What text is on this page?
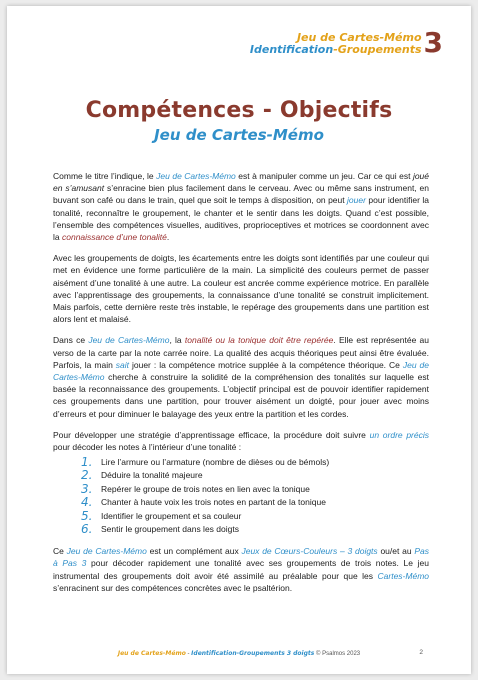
Jeu de Cartes-Mémo
Identification-Groupements 3
Compétences - Objectifs
Jeu de Cartes-Mémo

Comme le titre l’indique, le Jeu de Cartes-Mémo est à manipuler comme un jeu. Car ce qui est joué en s’amusant s’enracine bien plus facilement dans le cerveau. Avec ou même sans instrument, en buvant son café ou dans le train, quel que soit le temps à disposition, on peut jouer pour identifier la tonalité, reconnaître le groupement, le chanter et le sentir dans les doigts. Quand c’est possible, l’ensemble des compétences visuelles, auditives, proprioceptives et motrices se coordonnent avec la connaissance d’une tonalité.

Avec les groupements de doigts, les écartements entre les doigts sont identifiés par une couleur qui met en évidence une forme particulière de la main. La simplicité des couleurs permet de passer aisément d’une tonalité à une autre. La couleur est ancrée comme expérience motrice. En parallèle avec l’apprentissage des groupements, la connaissance d’une tonalité se construit implicitement. Mais parfois, cette dernière reste très instable, le repérage des groupements dans une partition est alors lent et malaisé.

Dans ce Jeu de Cartes-Mémo, la tonalité ou la tonique doit être repérée. Elle est représentée au verso de la carte par la note carrée noire. La qualité des acquis théoriques peut ainsi être évaluée. Parfois, la main sait jouer : la compétence motrice supplée à la compétence théorique. Ce Jeu de Cartes-Mémo cherche à construire la solidité de la compréhension des tonalités sur laquelle est basée la reconnaissance des groupements. L’objectif principal est de pouvoir identifier rapidement ces groupements dans une partition, pour trouver aisément un doigté, pour jouer avec moins d’erreurs et pour diminuer le balayage des yeux entre la partition et les cordes.

Pour développer une stratégie d’apprentissage efficace, la procédure doit suivre un ordre précis pour décoder les notes à l’intérieur d’une tonalité :

1.	Lire l’armure ou l’armature (nombre de dièses ou de bémols)
2.	Déduire la tonalité majeure
3.	Repérer le groupe de trois notes en lien avec la tonique
4.	Chanter à haute voix les trois notes en partant de la tonique
5.	Identifier le groupement et sa couleur
6.	Sentir le groupement dans les doigts

Ce Jeu de Cartes-Mémo est un complément aux Jeux de Cœurs-Couleurs – 3 doigts ou/et au Pas à Pas 3 pour décoder rapidement une tonalité avec ses groupements de trois notes. Le jeu instrumental des groupements doit avoir été assimilé au préalable pour que les Cartes-Mémo s’enracinent sur des compétences concrètes avec le psaltérion.

Jeu de Cartes-Mémo - Identification-Groupements 3 doigts © Psalmos 2023	2
